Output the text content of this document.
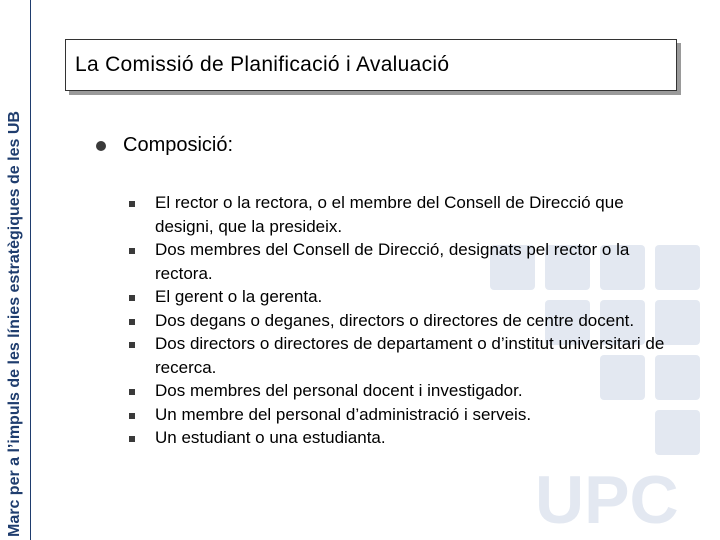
Marc per a l’impuls de les línies estratègiques de les UB	UPC
La Comissió de Planificació i Avaluació
Composició:
El rector o la rectora, o el membre del Consell de Direcció que designi, que la presideix.
Dos membres del Consell de Direcció, designats pel rector o la rectora.
El gerent o la gerenta.
Dos degans o deganes, directors o directores de centre docent.
Dos directors o directores de departament o d’institut universitari de recerca.
Dos membres del personal docent i investigador.
Un membre del personal d’administració i serveis.
Un estudiant o una estudianta.
